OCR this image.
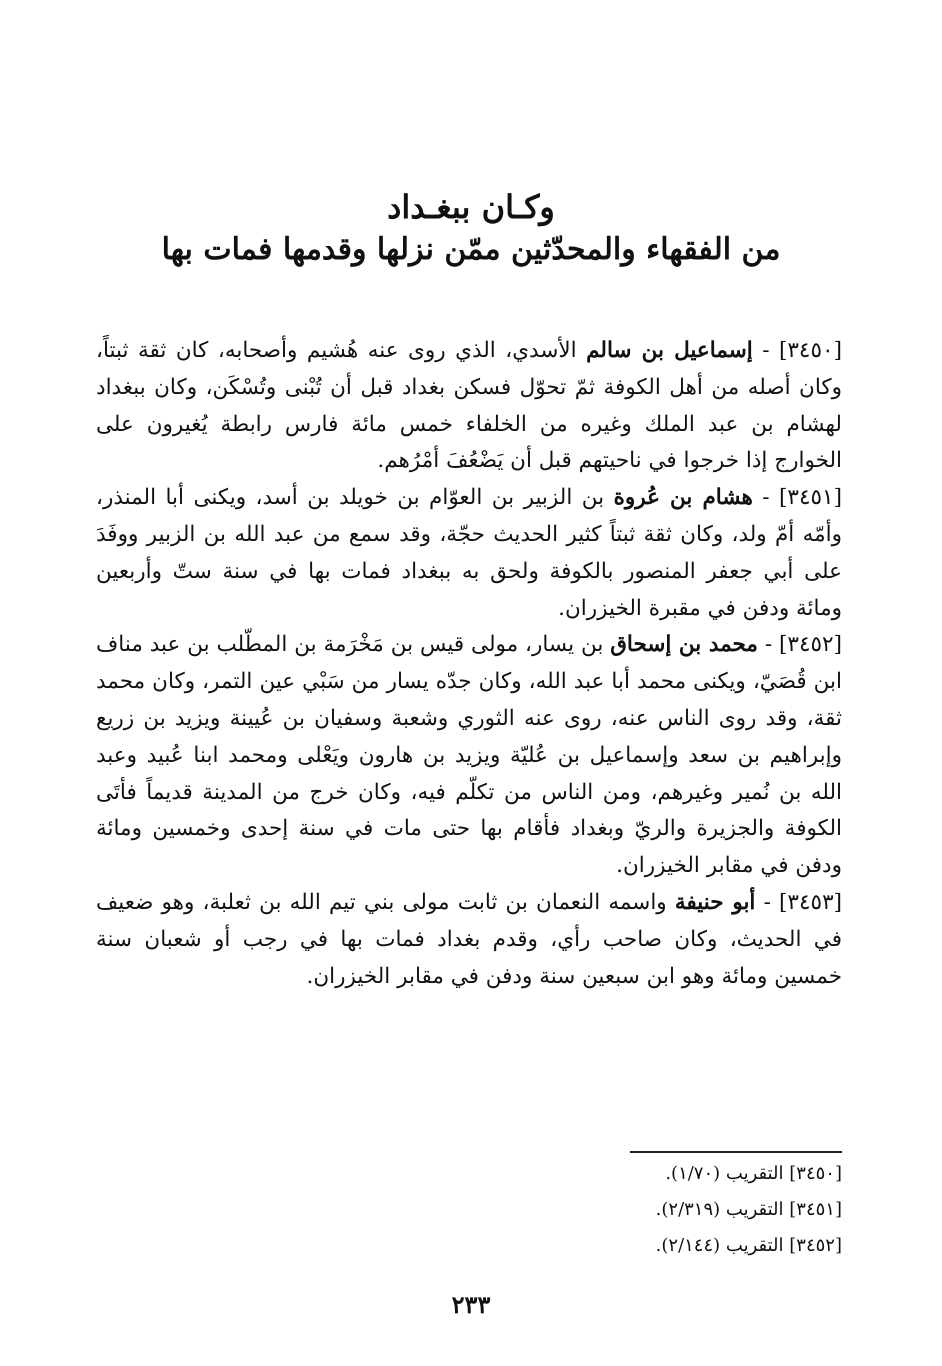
وكـان ببغـداد
من الفقهاء والمحدّثين ممّن نزلها وقدمها فمات بها

[٣٤٥٠] - إسماعيل بن سالم الأسدي، الذي روى عنه هُشيم وأصحابه، كان ثقة ثبتاً، وكان أصله من أهل الكوفة ثمّ تحوّل فسكن بغداد قبل أن تُبْنى وتُسْكَن، وكان ببغداد لهشام بن عبد الملك وغيره من الخلفاء خمس مائة فارس رابطة يُغيرون على الخوارج إذا خرجوا في ناحيتهم قبل أن يَضْعُفَ أمْرُهم.

[٣٤٥١] - هشام بن عُروة بن الزبير بن العوّام بن خويلد بن أسد، ويكنى أبا المنذر، وأمّه أمّ ولد، وكان ثقة ثبتاً كثير الحديث حجّة، وقد سمع من عبد الله بن الزبير ووفَدَ على أبي جعفر المنصور بالكوفة ولحق به ببغداد فمات بها في سنة ستّ وأربعين ومائة ودفن في مقبرة الخيزران.

[٣٤٥٢] - محمد بن إسحاق بن يسار، مولى قيس بن مَخْرَمة بن المطّلب بن عبد مناف ابن قُصَيّ، ويكنى محمد أبا عبد الله، وكان جدّه يسار من سَبْي عين التمر، وكان محمد ثقة، وقد روى الناس عنه، روى عنه الثوري وشعبة وسفيان بن عُيينة ويزيد بن زريع وإبراهيم بن سعد وإسماعيل بن عُليّة ويزيد بن هارون ويَعْلى ومحمد ابنا عُبيد وعبد الله بن نُمير وغيرهم، ومن الناس من تكلّم فيه، وكان خرج من المدينة قديماً فأتَى الكوفة والجزيرة والريّ وبغداد فأقام بها حتى مات في سنة إحدى وخمسين ومائة ودفن في مقابر الخيزران.

[٣٤٥٣] - أبو حنيفة واسمه النعمان بن ثابت مولى بني تيم الله بن ثعلبة، وهو ضعيف في الحديث، وكان صاحب رأي، وقدم بغداد فمات بها في رجب أو شعبان سنة خمسين ومائة وهو ابن سبعين سنة ودفن في مقابر الخيزران.

[٣٤٥٠] التقريب (١/٧٠).
[٣٤٥١] التقريب (٢/٣١٩).
[٣٤٥٢] التقريب (٢/١٤٤).
٢٣٣
